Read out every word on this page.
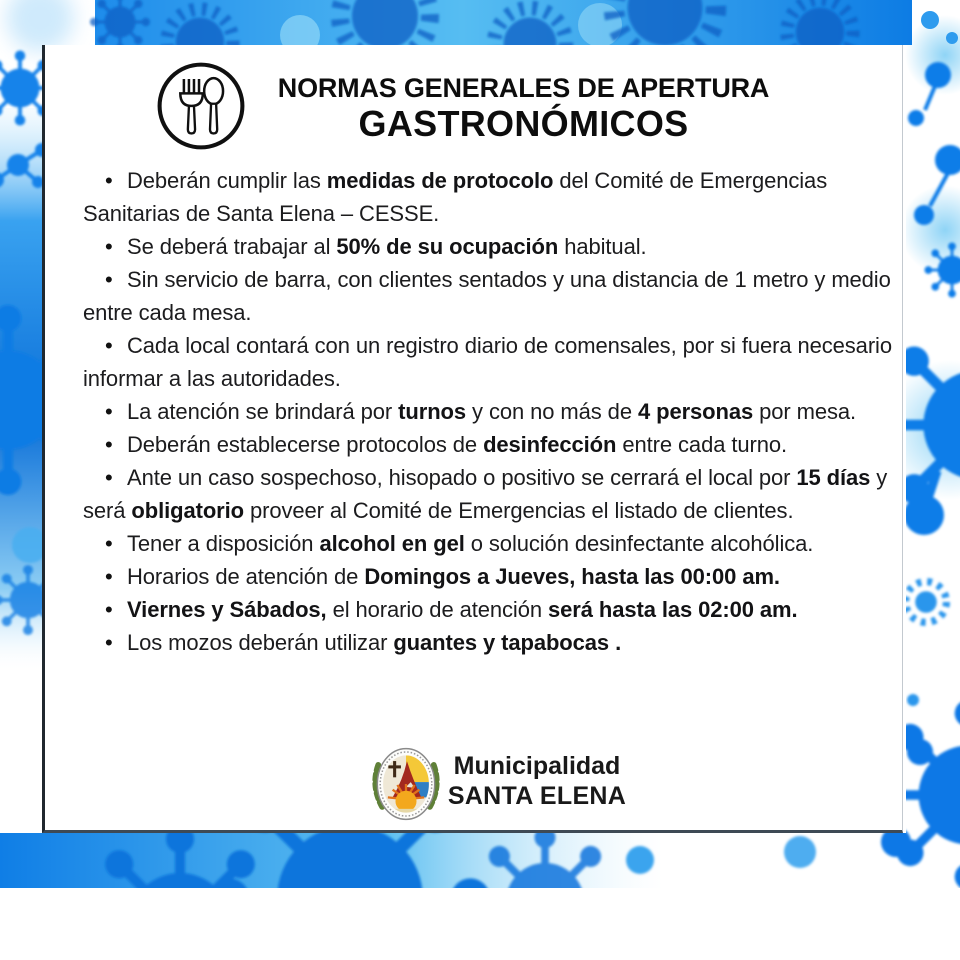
NORMAS GENERALES DE APERTURA
GASTRONÓMICOS

• Deberán cumplir las medidas de protocolo del Comité de Emergencias Sanitarias de Santa Elena – CESSE.

• Se deberá trabajar al 50% de su ocupación habitual.

• Sin servicio de barra, con clientes sentados y una distancia de 1 metro y medio entre cada mesa.

• Cada local contará con un registro diario de comensales, por si fuera necesario informar a las autoridades.

• La atención se brindará por turnos y con no más de 4 personas por mesa.

• Deberán establecerse protocolos de desinfección entre cada turno.

• Ante un caso sospechoso, hisopado o positivo se cerrará el local por 15 días y será obligatorio proveer al Comité de Emergencias el listado de clientes.

• Tener a disposición alcohol en gel o solución desinfectante alcohólica.

• Horarios de atención de Domingos a Jueves, hasta las 00:00 am.

• Viernes y Sábados, el horario de atención será hasta las 02:00 am.

• Los mozos deberán utilizar guantes y tapabocas .

Municipalidad
SANTA ELENA
